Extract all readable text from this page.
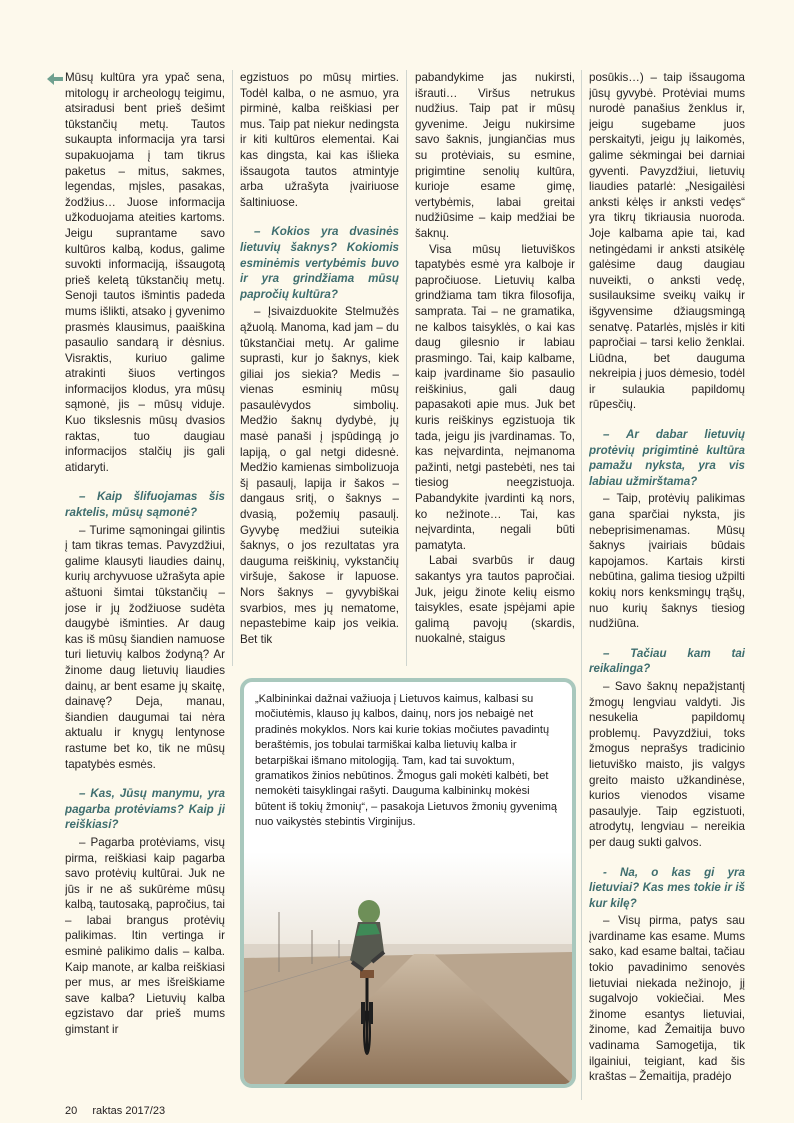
Mūsų kultūra yra ypač sena, mitologų ir archeologų teigimu, atsiradusi bent prieš dešimt tūkstančių metų. Tautos sukaupta informacija yra tarsi supakuojama į tam tikrus paketus – mitus, sakmes, legendas, mįsles, pasakas, žodžius… Juose informacija užkoduojama ateities kartoms. Jeigu suprantame savo kultūros kalbą, kodus, galime suvokti informaciją, išsaugotą prieš keletą tūkstančių metų. Senoji tautos išmintis padeda mums išlikti, atsako į gyvenimo prasmės klausimus, paaiškina pasaulio sandarą ir dėsnius. Visraktis, kuriuo galime atrakinti šiuos vertingos informacijos klodus, yra mūsų sąmonė, jis – mūsų viduje. Kuo tikslesnis mūsų dvasios raktas, tuo daugiau informacijos stalčių jis gali atidaryti.

– Kaip šlifuojamas šis raktelis, mūsų sąmonė?

– Turime sąmoningai gilintis į tam tikras temas. Pavyzdžiui, galime klausyti liaudies dainų, kurių archyvuose užrašyta apie aštuoni šimtai tūkstančių – jose ir jų žodžiuose sudėta daugybė išminties. Ar daug kas iš mūsų šiandien namuose turi lietuvių kalbos žodyną? Ar žinome daug lietuvių liaudies dainų, ar bent esame jų skaitę, dainavę? Deja, manau, šiandien daugumai tai nėra aktualu ir knygų lentynose rastume bet ko, tik ne mūsų tapatybės esmės.

– Kas, Jūsų manymu, yra pagarba protėviams? Kaip ji reiškiasi?

– Pagarba protėviams, visų pirma, reiškiasi kaip pagarba savo protėvių kultūrai. Juk ne jūs ir ne aš sukūrėme mūsų kalbą, tautosaką, papročius, tai – labai brangus protėvių palikimas. Itin vertinga ir esminė palikimo dalis – kalba. Kaip manote, ar kalba reiškiasi per mus, ar mes išreiškiame save kalba? Lietuvių kalba egzistavo dar prieš mums gimstant ir

egzistuos po mūsų mirties. Todėl kalba, o ne asmuo, yra pirminė, kalba reiškiasi per mus. Taip pat niekur nedingsta ir kiti kultūros elementai. Kai kas dingsta, kai kas išlieka išsaugota tautos atmintyje arba užrašyta įvairiuose šaltiniuose.

– Kokios yra dvasinės lietuvių šaknys? Kokiomis esminėmis vertybėmis buvo ir yra grindžiama mūsų papročių kultūra?

– Įsivaizduokite Stelmužės ąžuolą. Manoma, kad jam – du tūkstančiai metų. Ar galime suprasti, kur jo šaknys, kiek giliai jos siekia? Medis – vienas esminių mūsų pasaulėvydos simbolių. Medžio šaknų dydybė, jų masė panaši į įspūdingą jo lapiją, o gal netgi didesnė. Medžio kamienas simbolizuoja šį pasaulį, lapija ir šakos – dangaus sritį, o šaknys – dvasią, požemių pasaulį. Gyvybę medžiui suteikia šaknys, o jos rezultatas yra dauguma reiškinių, vykstančių viršuje, šakose ir lapuose. Nors šaknys – gyvybiškai svarbios, mes jų nematome, nepastebime kaip jos veikia. Bet tik

pabandykime jas nukirsti, išrauti… Viršus netrukus nudžius. Taip pat ir mūsų gyvenime. Jeigu nukirsime savo šaknis, jungiančias mus su protėviais, su esmine, prigimtine senolių kultūra, kurioje esame gimę, vertybėmis, labai greitai nudžiūsime – kaip medžiai be šaknų.

Visa mūsų lietuviškos tapatybės esmė yra kalboje ir papročiuose. Lietuvių kalba grindžiama tam tikra filosofija, samprata. Tai – ne gramatika, ne kalbos taisyklės, o kai kas daug gilesnio ir labiau prasmingo. Tai, kaip kalbame, kaip įvardiname šio pasaulio reiškinius, gali daug papasakoti apie mus. Juk bet kuris reiškinys egzistuoja tik tada, jeigu jis įvardinamas. To, kas neįvardinta, neįmanoma pažinti, netgi pastebėti, nes tai tiesiog neegzistuoja. Pabandykite įvardinti ką nors, ko nežinote… Tai, kas neįvardinta, negali būti pamatyta.

Labai svarbūs ir daug sakantys yra tautos papročiai. Juk, jeigu žinote kelių eismo taisykles, esate įspėjami apie galimą pavojų (skardis, nuokalnė, staigus

posūkis…) – taip išsaugoma jūsų gyvybė. Protėviai mums nurodė panašius ženklus ir, jeigu sugebame juos perskaityti, jeigu jų laikomės, galime sėkmingai bei darniai gyventi. Pavyzdžiui, lietuvių liaudies patarlė: „Nesigailėsi anksti kėlęs ir anksti vedęs“ yra tikrų tikriausia nuoroda. Joje kalbama apie tai, kad netingėdami ir anksti atsikėlę galėsime daug daugiau nuveikti, o anksti vedę, susilauksime sveikų vaikų ir išgyvensime džiaugsmingą senatvę. Patarlės, mįslės ir kiti papročiai – tarsi kelio ženklai. Liūdna, bet dauguma nekreipia į juos dėmesio, todėl ir sulaukia papildomų rūpesčių.

– Ar dabar lietuvių protėvių prigimtinė kultūra pamažu nyksta, yra vis labiau užmirštama?

– Taip, protėvių palikimas gana sparčiai nyksta, jis nebeprisimenamas. Mūsų šaknys įvairiais būdais kapojamos. Kartais kirsti nebūtina, galima tiesiog užpilti kokių nors kenksmingų trąšų, nuo kurių šaknys tiesiog nudžiūna.

– Tačiau kam tai reikalinga?

– Savo šaknų nepažįstantį žmogų lengviau valdyti. Jis nesukelia papildomų problemų. Pavyzdžiui, toks žmogus neprašys tradicinio lietuviško maisto, jis valgys greito maisto užkandinėse, kurios vienodos visame pasaulyje. Taip egzistuoti, atrodytų, lengviau – nereikia per daug sukti galvos.

- Na, o kas gi yra lietuviai? Kas mes tokie ir iš kur kilę?

– Visų pirma, patys sau įvardiname kas esame. Mums sako, kad esame baltai, tačiau tokio pavadinimo senovės lietuviai niekada nežinojo, jį sugalvojo vokiečiai. Mes žinome esantys lietuviai, žinome, kad Žemaitija buvo vadinama Samogetija, tik ilgainiui, teigiant, kad šis kraštas – Žemaitija, pradėjo

„Kalbininkai dažnai važiuoja į Lietuvos kaimus, kalbasi su močiutėmis, klauso jų kalbos, dainų, nors jos nebaigė net pradinės mokyklos. Nors kai kurie tokias močiutes pavadintų beraštėmis, jos tobulai tarmiškai kalba lietuvių kalba ir betarpiškai išmano mitologiją. Tam, kad tai suvoktum, gramatikos žinios nebūtinos. Žmogus gali mokėti kalbėti, bet nemokėti taisyklingai rašyti. Dauguma kalbininkų mokėsi būtent iš tokių žmonių“, – pasakoja Lietuvos žmonių gyvenimą nuo vaikystės stebintis Virginijus.
20 raktas 2017/23
